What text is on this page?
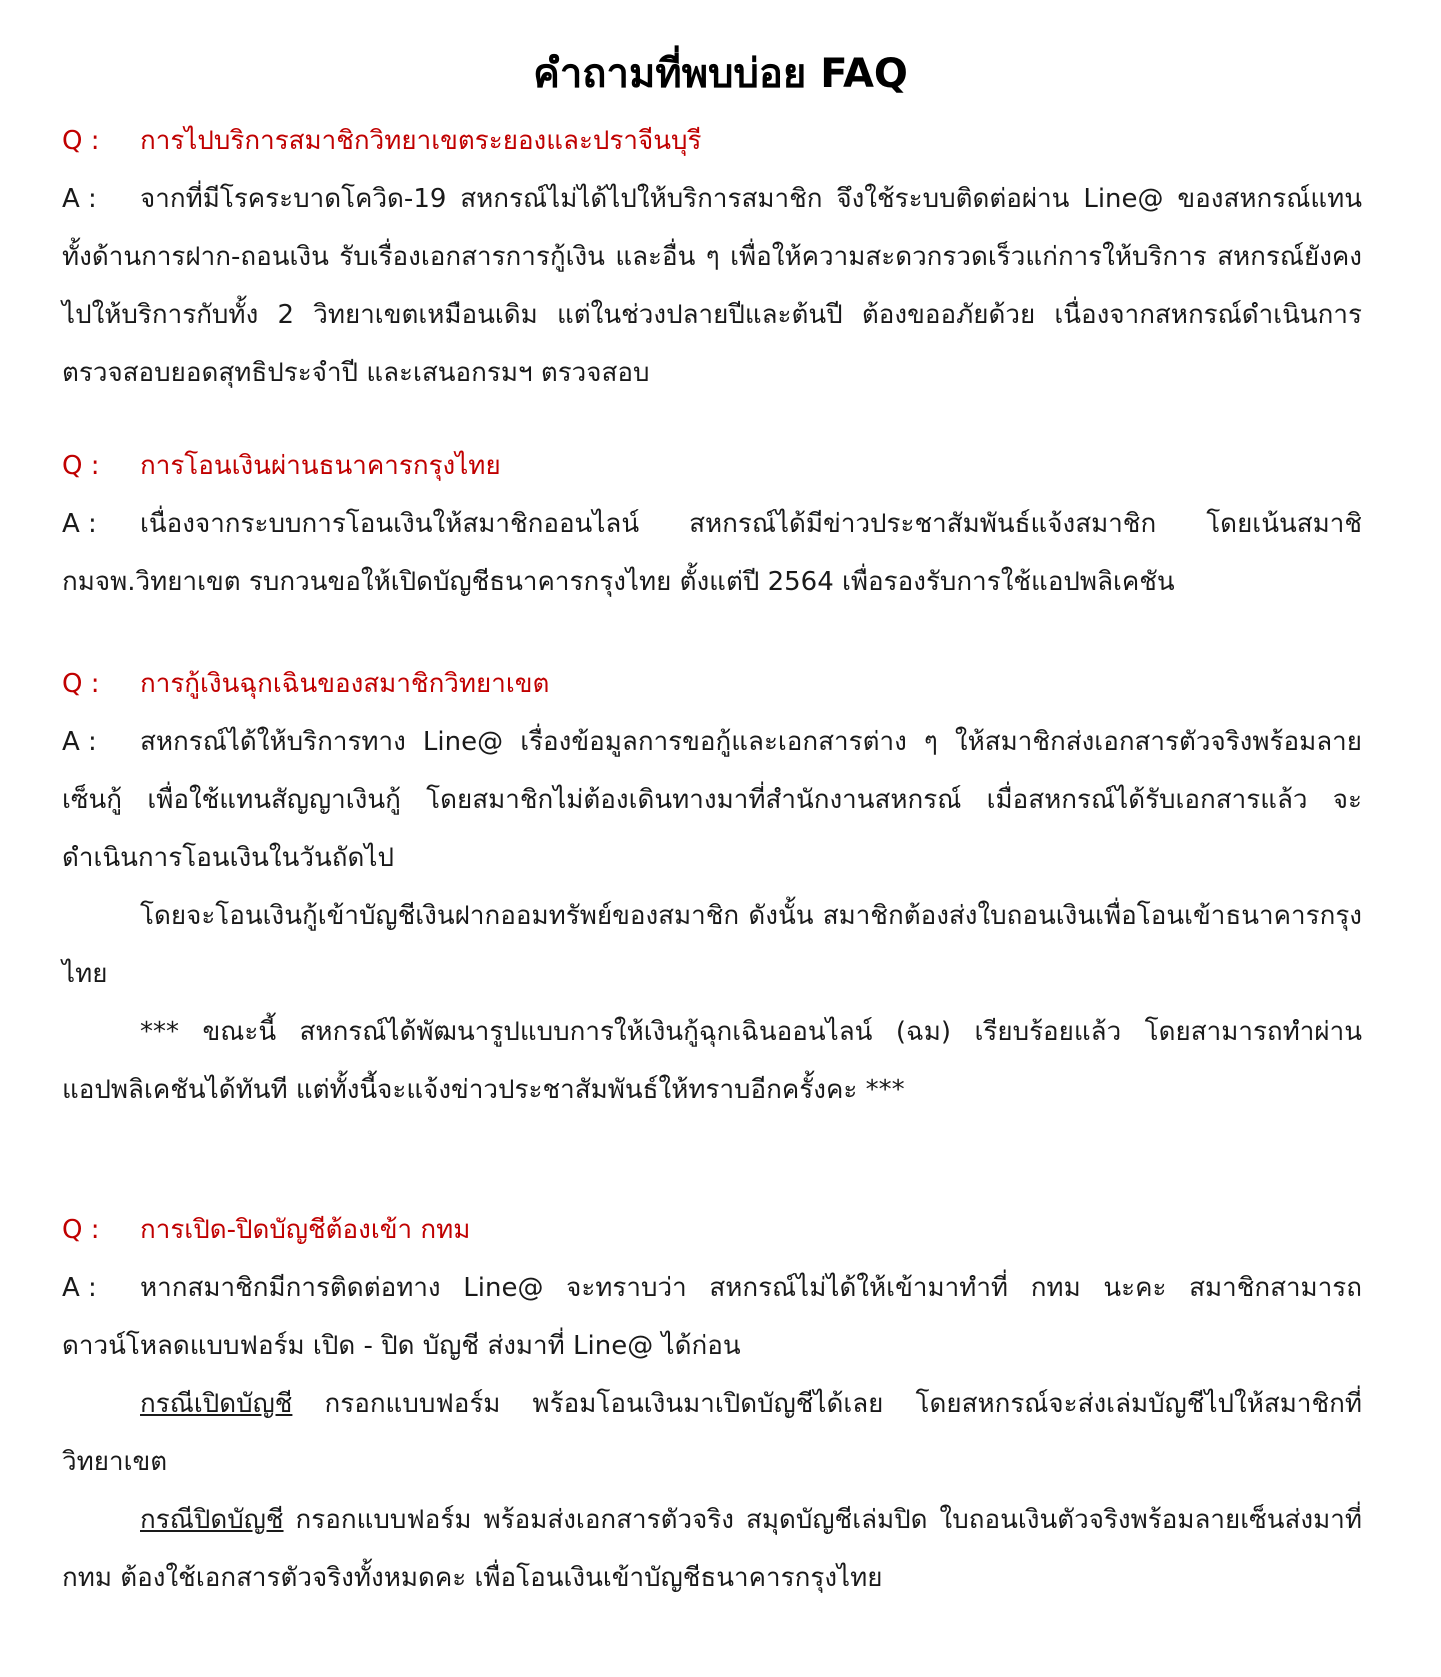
คำถามที่พบบ่อย FAQ
Q : การไปบริการสมาชิกวิทยาเขตระยองและปราจีนบุรี

A : จากที่มีโรคระบาดโควิด-19 สหกรณ์ไม่ได้ไปให้บริการสมาชิก จึงใช้ระบบติดต่อผ่าน Line@ ของสหกรณ์แทน ทั้งด้านการฝาก-ถอนเงิน รับเรื่องเอกสารการกู้เงิน และอื่น ๆ เพื่อให้ความสะดวกรวดเร็วแก่การให้บริการ สหกรณ์ยังคงไปให้บริการกับทั้ง 2 วิทยาเขตเหมือนเดิม แต่ในช่วงปลายปีและต้นปี ต้องขออภัยด้วย เนื่องจากสหกรณ์ดำเนินการตรวจสอบยอดสุทธิประจำปี และเสนอกรมฯ ตรวจสอบ

Q : การโอนเงินผ่านธนาคารกรุงไทย

A : เนื่องจากระบบการโอนเงินให้สมาชิกออนไลน์ สหกรณ์ได้มีข่าวประชาสัมพันธ์แจ้งสมาชิก โดยเน้นสมาชิกมจพ.วิทยาเขต รบกวนขอให้เปิดบัญชีธนาคารกรุงไทย ตั้งแต่ปี 2564 เพื่อรองรับการใช้แอปพลิเคชัน

Q : การกู้เงินฉุกเฉินของสมาชิกวิทยาเขต

A : สหกรณ์ได้ให้บริการทาง Line@ เรื่องข้อมูลการขอกู้และเอกสารต่าง ๆ ให้สมาชิกส่งเอกสารตัวจริงพร้อมลายเซ็นกู้ เพื่อใช้แทนสัญญาเงินกู้ โดยสมาชิกไม่ต้องเดินทางมาที่สำนักงานสหกรณ์ เมื่อสหกรณ์ได้รับเอกสารแล้ว จะดำเนินการโอนเงินในวันถัดไป

โดยจะโอนเงินกู้เข้าบัญชีเงินฝากออมทรัพย์ของสมาชิก ดังนั้น สมาชิกต้องส่งใบถอนเงินเพื่อโอนเข้าธนาคารกรุงไทย

*** ขณะนี้ สหกรณ์ได้พัฒนารูปแบบการให้เงินกู้ฉุกเฉินออนไลน์ (ฉม) เรียบร้อยแล้ว โดยสามารถทำผ่านแอปพลิเคชันได้ทันที แต่ทั้งนี้จะแจ้งข่าวประชาสัมพันธ์ให้ทราบอีกครั้งคะ ***

Q : การเปิด-ปิดบัญชีต้องเข้า กทม

A : หากสมาชิกมีการติดต่อทาง Line@ จะทราบว่า สหกรณ์ไม่ได้ให้เข้ามาทำที่ กทม นะคะ สมาชิกสามารถดาวน์โหลดแบบฟอร์ม เปิด - ปิด บัญชี ส่งมาที่ Line@ ได้ก่อน

กรณีเปิดบัญชี กรอกแบบฟอร์ม พร้อมโอนเงินมาเปิดบัญชีได้เลย โดยสหกรณ์จะส่งเล่มบัญชีไปให้สมาชิกที่วิทยาเขต

กรณีปิดบัญชี กรอกแบบฟอร์ม พร้อมส่งเอกสารตัวจริง สมุดบัญชีเล่มปิด ใบถอนเงินตัวจริงพร้อมลายเซ็นส่งมาที่ กทม ต้องใช้เอกสารตัวจริงทั้งหมดคะ เพื่อโอนเงินเข้าบัญชีธนาคารกรุงไทย
